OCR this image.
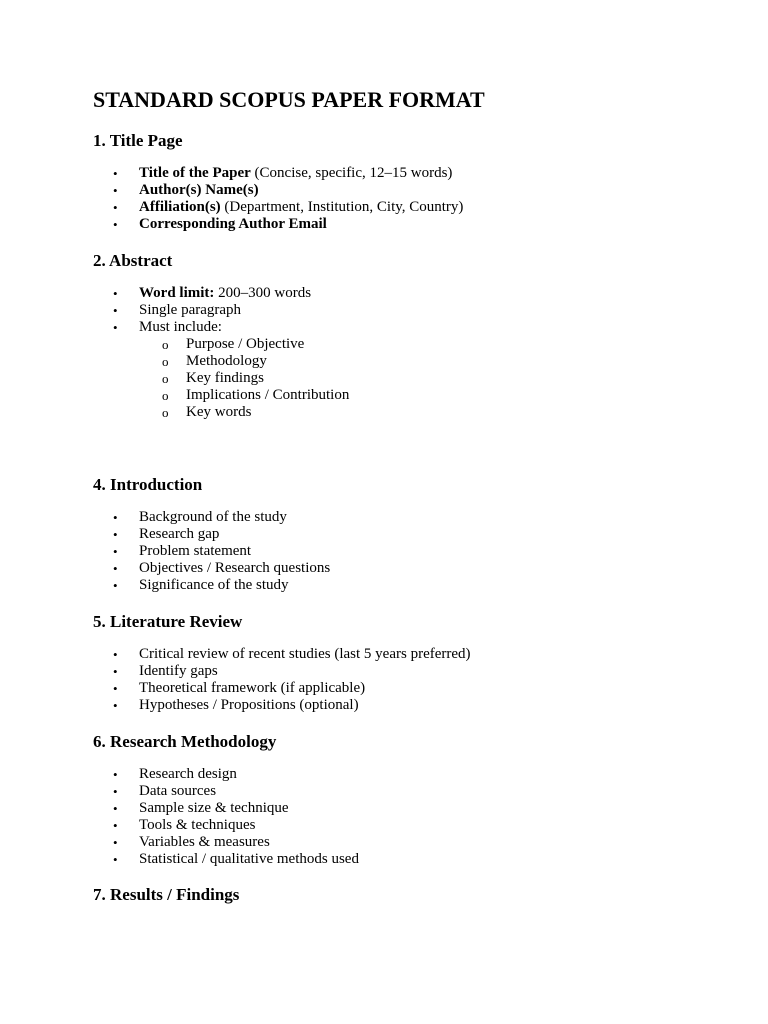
STANDARD SCOPUS PAPER FORMAT
1. Title Page
•	Title of the Paper (Concise, specific, 12–15 words)
•	Author(s) Name(s)
•	Affiliation(s) (Department, Institution, City, Country)
•	Corresponding Author Email
2. Abstract
•	Word limit: 200–300 words
•	Single paragraph
•	Must include:
o Purpose / Objective
o Methodology
o Key findings
o Implications / Contribution
o Key words
4. Introduction
•	Background of the study
•	Research gap
•	Problem statement
•	Objectives / Research questions
•	Significance of the study
5. Literature Review
•	Critical review of recent studies (last 5 years preferred)
•	Identify gaps
•	Theoretical framework (if applicable)
•	Hypotheses / Propositions (optional)
6. Research Methodology
•	Research design
•	Data sources
•	Sample size & technique
•	Tools & techniques
•	Variables & measures
•	Statistical / qualitative methods used
7. Results / Findings
